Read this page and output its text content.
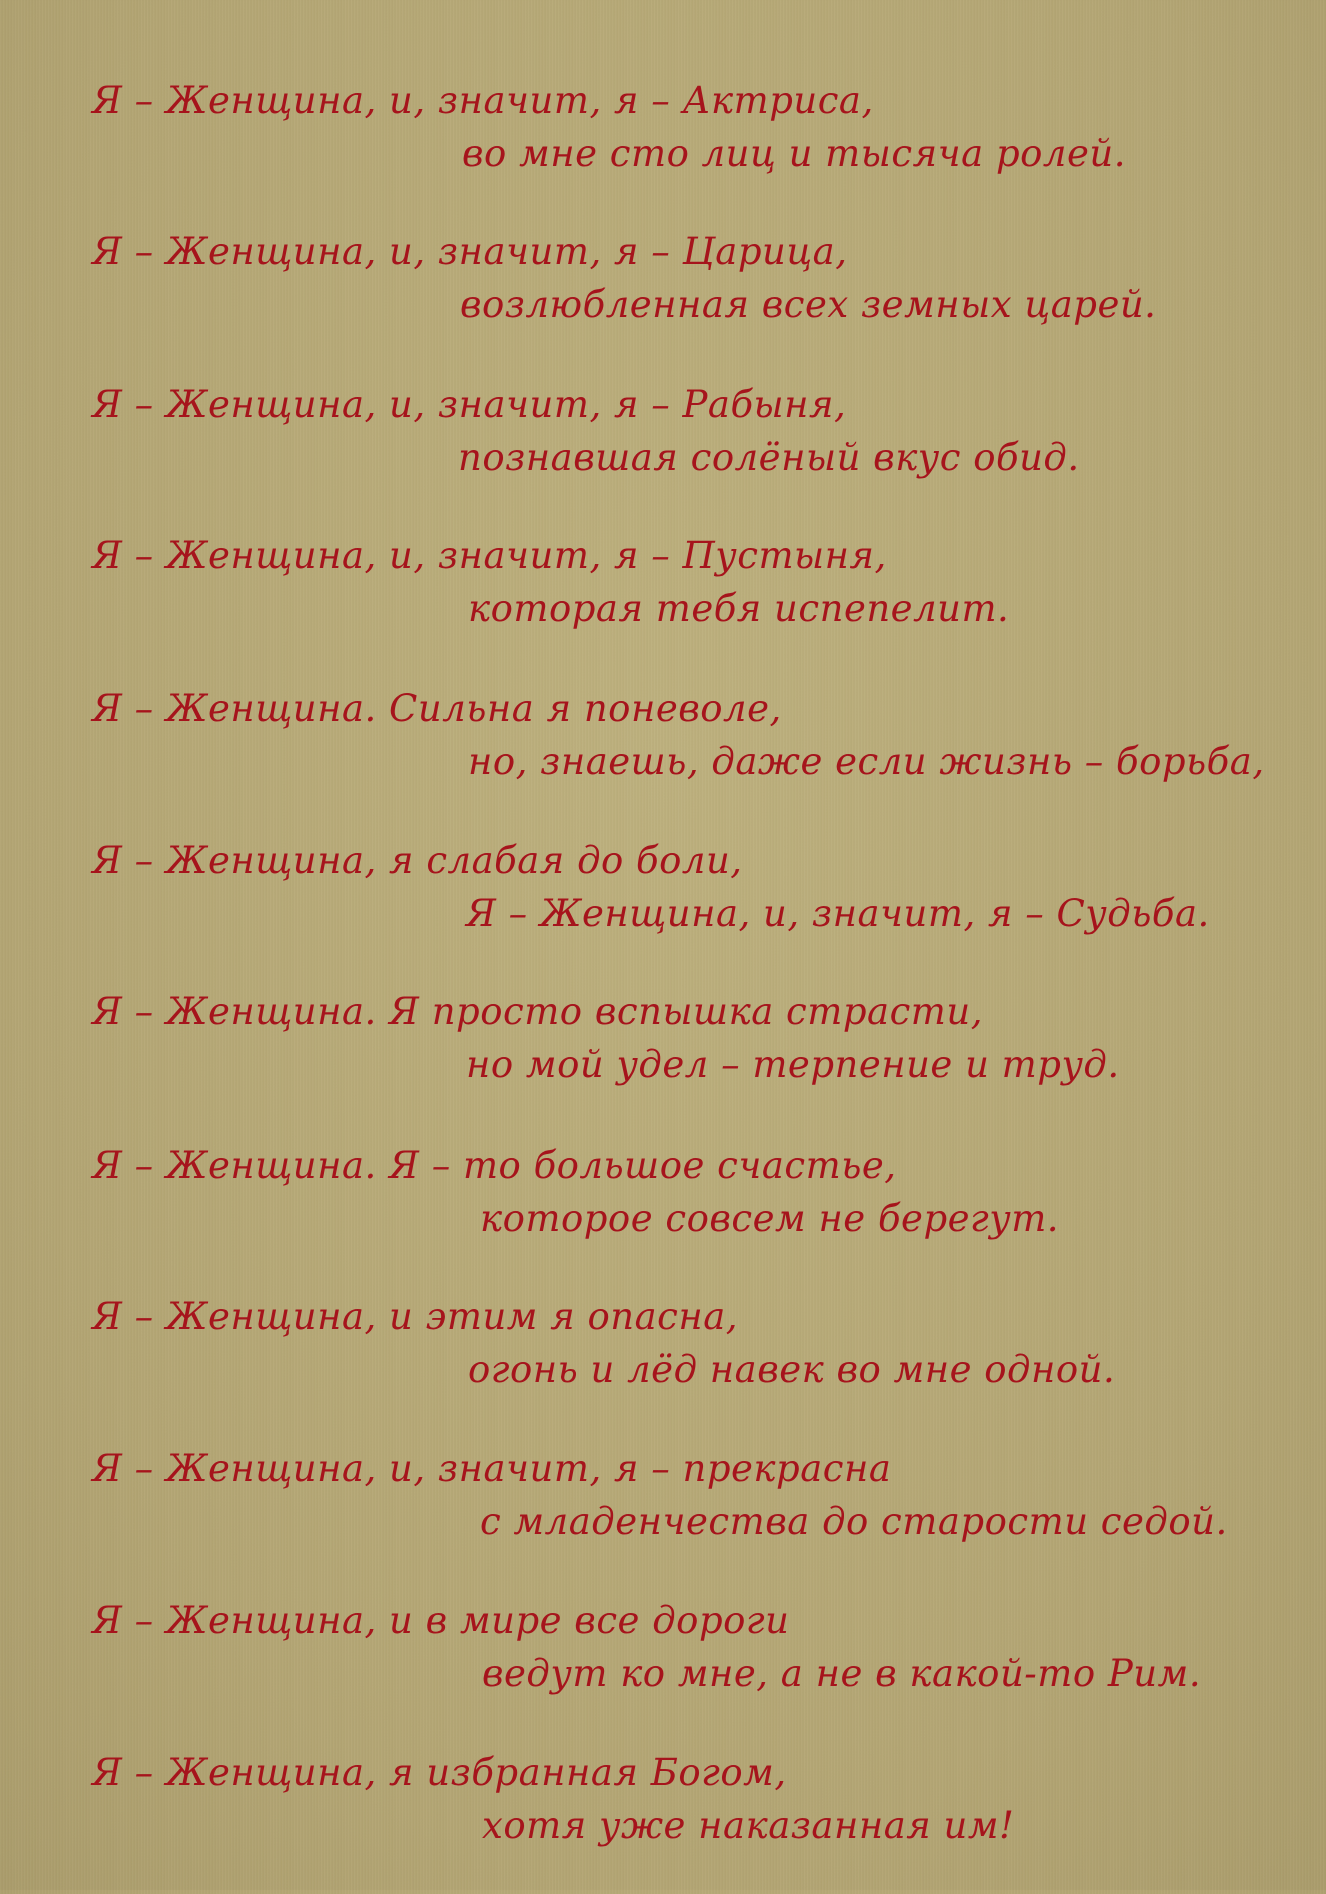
Я – Женщина, и, значит, я – Актриса,
во мне сто лиц и тысяча ролей.
Я – Женщина, и, значит, я – Царица,
возлюбленная всех земных царей.
Я – Женщина, и, значит, я – Рабыня,
познавшая солёный вкус обид.
Я – Женщина, и, значит, я – Пустыня,
которая тебя испепелит.
Я – Женщина. Сильна я поневоле,
но, знаешь, даже если жизнь – борьба,
Я – Женщина, я слабая до боли,
Я – Женщина, и, значит, я – Судьба.
Я – Женщина. Я просто вспышка страсти,
но мой удел – терпение и труд.
Я – Женщина. Я – то большое счастье,
которое совсем не берегут.
Я – Женщина, и этим я опасна,
огонь и лёд навек во мне одной.
Я – Женщина, и, значит, я – прекрасна
с младенчества до старости седой.
Я – Женщина, и в мире все дороги
ведут ко мне, а не в какой-то Рим.
Я – Женщина, я избранная Богом,
хотя уже наказанная им!
